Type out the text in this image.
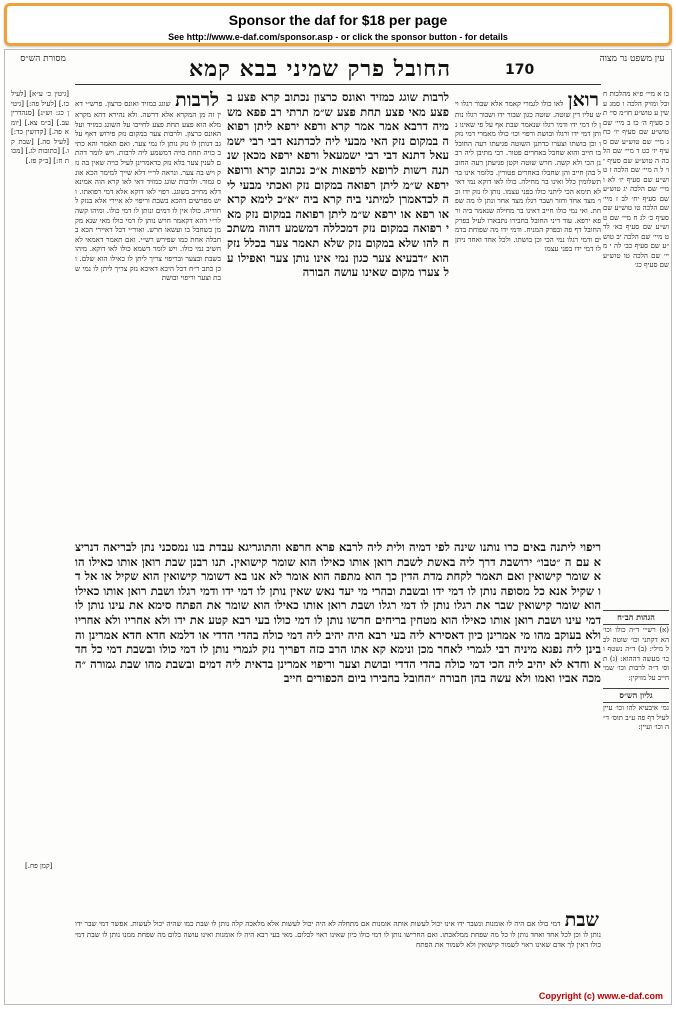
Sponsor the daf for $18 per page
See http://www.e-daf.com/sponsor.asp - or click the sponsor button - for details
עין משפט נר מצוה
170
החובל פרק שמיני בבא קמא
מסורת הש״ס
כו א מיי׳ פ״א מהלכות חובל ומזיק הלכה ו סמג עשין ע טוש״ע חו״מ סי׳ תכ סעיף ה׳ כז ב מיי׳ שם טוש״ע שם סעיף יו׳ כח ג מיי׳ שם טוש״ע שם סעיף יז׳ כט ד מיי׳ שם הלכה ה טוש״ע שם סעיף יו׳ ל ה מיי׳ שם הלכה ז טוש״ע שם סעיף יז׳ לא ו מיי׳ שם הלכה יג טוש״ע שם סעיף יח׳ לב ז מיי׳ שם הלכה טו טוש״ע שם סעיף כ׳ לג ח מיי׳ שם טוש״ע שם סעיף כא׳ לד ט מיי׳ שם הלכה יב טוש״ע שם סעיף כב׳ לה י מיי׳ שם הלכה טו טוש״ע שם סעיף כג׳
הגהות הב״ח
(א) רש״י ד״ה כולו וכו׳ הא דקתני וכו׳ שוטה לכל מילי: (ב) ד״ה נשטף וכו׳ מעשה דההוא: (ג) תוס׳ ד״ה לרבות וכו׳ שמיחייב על מזיקין:
גליון הש״ס
גמ׳ איבעיא להו וכו׳ עיין לעיל דף פה ע״ב תוס׳ ד״ה וכו׳ ועיין:
[גיטין כ׳ ע״א] [לעיל כו.] [לעיל פה:] [גיטין כג: וש״נ] [סנהדרין עב.] [ב״מ צא.] [יומא פה.] [קדושין כד:] [לעיל סה.] [שבת קו.] [כתובות לג.] [מכות ח:] [ב״ק פז.]
[קמן פח.]
רואן לאו כולו לגמרי קאמר אלא שבור רגלו ויש עליו דין שוטה. שוטה כגון שבור ידו ושבור רגלו נותן לו דמי ידו ודמי רגלו שנאמר שבת אף על פי שאינו נותן דמי ידו ורגלו ובושת ורפוי וכו׳ כולו מאמרי דמי נזקו וכן בושתו וצערו כדתנן השוטה פגיעתו רעה החובל בו חייב והוא שחבל באחרים פטור. רבי מתיבן ליה רבנן הכי ולא קשה. חרש שוטה וקטן פגיעתן רעה החובל בהן חייב והן שחבלו באחרים פטורין. כלומר אינו בר תשלומין כלל ואינו בר מחילה. כולו לאו דוקא נמי דאי לא תימא הכי ליתני כולו בפני עצמו. נותן לו נזק ידו וכו׳ מצד אחד וחזר ושבר רגלו מצד אחר ונתן לו מה שפחת. ואי נמי כולו חייב דאינו בר מחילה שנאמר ביה ורפא ירפא. עוד דיני החובל בחבירו נתבארו לעיל בפרק החובל דף פה ובפרק המניח. ודמי ידו מה שפוחת בדמים ודמי רגלו נמי הכי וכן בושתו. ולכל אחד ואחד ניתן לו דמי ידו בפני עצמו
לרבות שוגג כמזיד ואונס כרצון נכתוב קרא פצע בפצע מאי פצע תחת פצע ש״מ תרתי רב פפא משמיה דרבא אמר אמר קרא ורפא ירפא ליתן רפואה במקום נזק האי מבעי ליה לכדתנא דבי רבי ישמעאל דתנא דבי רבי ישמעאל ורפא ירפא מכאן שנתנה רשות לרופא לרפאות א״כ נכתוב קרא ורופא ירפא ש״מ ליתן רפואה במקום נזק ואכתי מבעי ליה לכדאמרן למיתני ביה קרא ביה ״א״כ לימא קרא או רפא או ירפא ש״מ ליתן רפואה במקום נזק מאי רפואה במקום נזק דמכללה דמשמע דהוה משתכח להו שלא במקום נזק שלא תאמר צער בכלל נזק הוא ״דבעיא צער כגון נמי אינו נותן צער ואפילו על צערו מקום שאינו עושה הבורה
לרבות שוגג כמזיד ואונס כרצון. פרש״י דאין זה מן המקרא אלא דרשה. ולא נהירא דהא מקרא מלא הוא פצע תחת פצע לחייבו על השוגג כמזיד ועל האונס כרצון. ולרבות צער במקום נזק פירוש דאף על גב דנותן לו נזק נותן לו נמי צער. ואם תאמר והא כתיב כויה תחת כויה דמשמע ליה לרבות. ויש לומר דהתם לענין צער בלא נזק כדאמרינן לעיל כויה שאין בה נזק ויש בה צער. ונראה לר״י דלא שייך למימר הכא אונס גמור. ולרבות שוגג כמזיד דאי לאו קרא הוה אמינא דלא מחייב בשוגג. רפוי לאו דוקא אלא דמי רפואתו. ויש מפרשים דהכא בשבת וריפוי לא איירי אלא בנזק לחודיה. כולו אין לו דמים ונותן לו דמי כולו. ומיהו קשה לר״י דהא דקאמר חרש נותן לו דמי כולו מאי שנא מקמן כשחבל בו ועשאו חרש. ואור״י דכל דאיירי הכא בחבלה אחת כמו שפירש רש״י. ואם תאמר דאמאי לא חשיב נמי כולו. ויש לומר דשמא כולו לאו דוקא. מיהו בשבת ובצער ובריפוי צריך ליתן לו כאילו הוא שלם. וכן כתב ר״ח דכל היכא דאיכא נזק צריך ליתן לו נמי שבת וצער וריפוי ובושת
ריפוי ליתנה באים כרו נותנו שינה לפי דמיה ולית ליה לרבא פרא חרפא והתוגריגא עבדת בנו נמסכני נתן לבריאה דנריצא עם ה ״טבו״ ירושבת דרך ליה באשת לשבת רואן אותו כאילו הוא שומר קישואין. תנו רבנן שבת רואן אותו כאילו הוא שומר קישואין ואם תאמר לקחת מדת הדין כך הוא מתפה הוא אומר לא אנו בא דשומר קישואין הוא שקיל או אל דו שקיל אנא כל מסופה נותן לו דמי ידו ובשבת ובהרי מי יעד נאש שאין נותן לו דמי ידו ודמי רגלו ושבת רואן אותו כאילו הוא שומר קישואין שבר את רגלו נותן לו דמי רגלו ושבת רואן אותו כאילו הוא שומר את הפתח סימא את עינו נותן לו דמי עינו ושבת רואן אותו כאילו הוא מטחין בריחים חרשו נותן לו דמי כולו בעי רבא קטע את ידו ולא אחריו ולא אחריו ולא בעוקב מהו מי אמרינן כיון דאסירא ליה בעי רבא היה יהיב ליה דמי כולה בהדי הדדי או דלמא חדא חדא אמרינן והבינן ליה נפגא מיניה רבי לגמרי לאחר מכן ונימא קא אתו הרב כזה דפריך נזק לגמרי נותן לו דמי כולו ובשבת דמי כל חדא וחדא לא יהיב ליה הכי דמי כולה בהדי הדדי ובושת וצער וריפוי אמרינן בדאית ליה דמים ובשבת מהו שבת גמורה ״המכה אביו ואמו ולא עשה בהן חבורה ״החובל בחבירו ביום הכפורים חייב
שבת דמי כולו אם היה לו אומנות ונשבר ידו אינו יכול לעשות אותה אומנות אם מתחלה לא היה יכול לעשות אלא מלאכה קלה נותן לו שבת כמו שהיה יכול לעשות. אפשר דמי שבר ידו נותן לו וכן לכל אחד ואחד נותן לו כל מה שפחת ממלאכתו. ואם החרישו נותן לו דמי כולו כיון שאינו ראוי לכלום. מאי בעי רבא היה לו אומנות ואינו עושה כלום מה שפחת ממנו נותן לו שבת דמי כולו דאין לך אדם שאינו ראוי לשמור קישואין ולא לשמור את הפתח
Copyright (c) www.e-daf.com
